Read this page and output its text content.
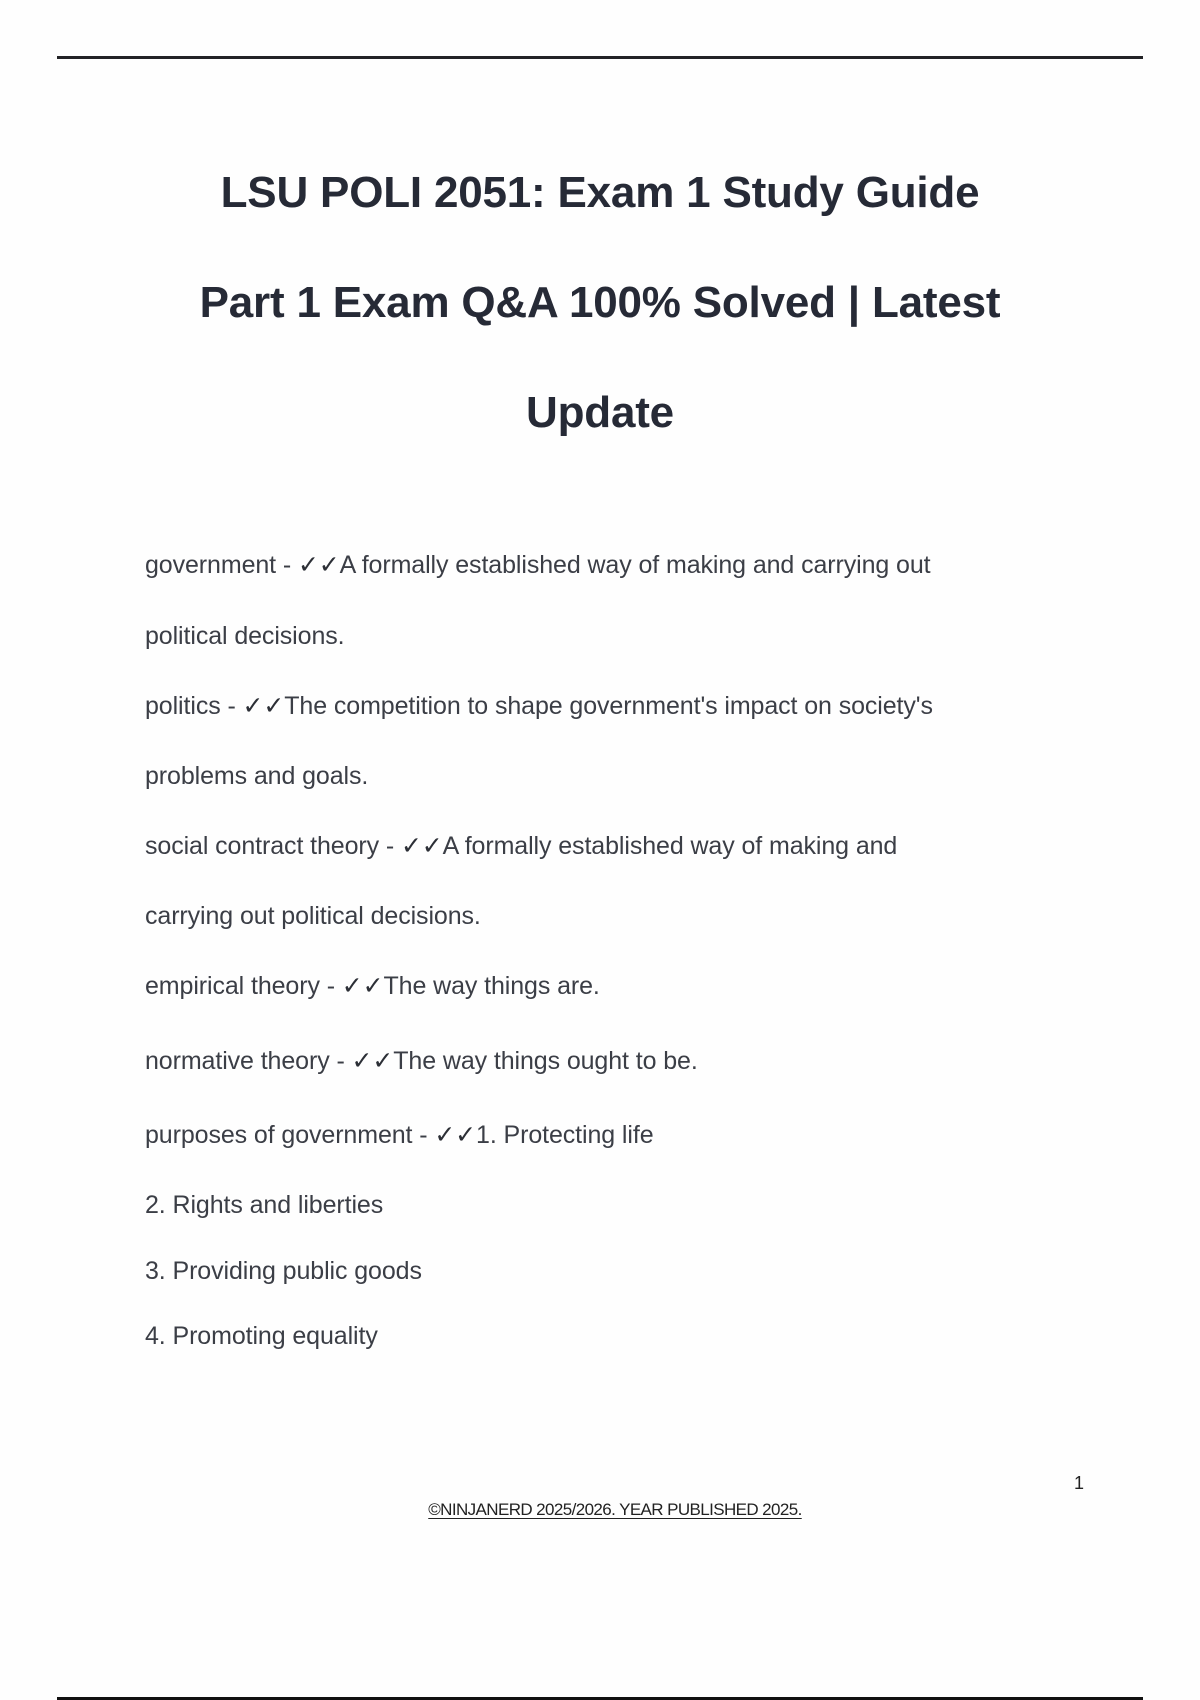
LSU POLI 2051: Exam 1 Study Guide
Part 1 Exam Q&A 100% Solved | Latest
Update
government - ✓✓A formally established way of making and carrying out
political decisions.
politics - ✓✓The competition to shape government's impact on society's
problems and goals.
social contract theory - ✓✓A formally established way of making and
carrying out political decisions.
empirical theory - ✓✓The way things are.
normative theory - ✓✓The way things ought to be.
purposes of government - ✓✓1. Protecting life
2. Rights and liberties
3. Providing public goods
4. Promoting equality
1
©NINJANERD 2025/2026. YEAR PUBLISHED 2025.
